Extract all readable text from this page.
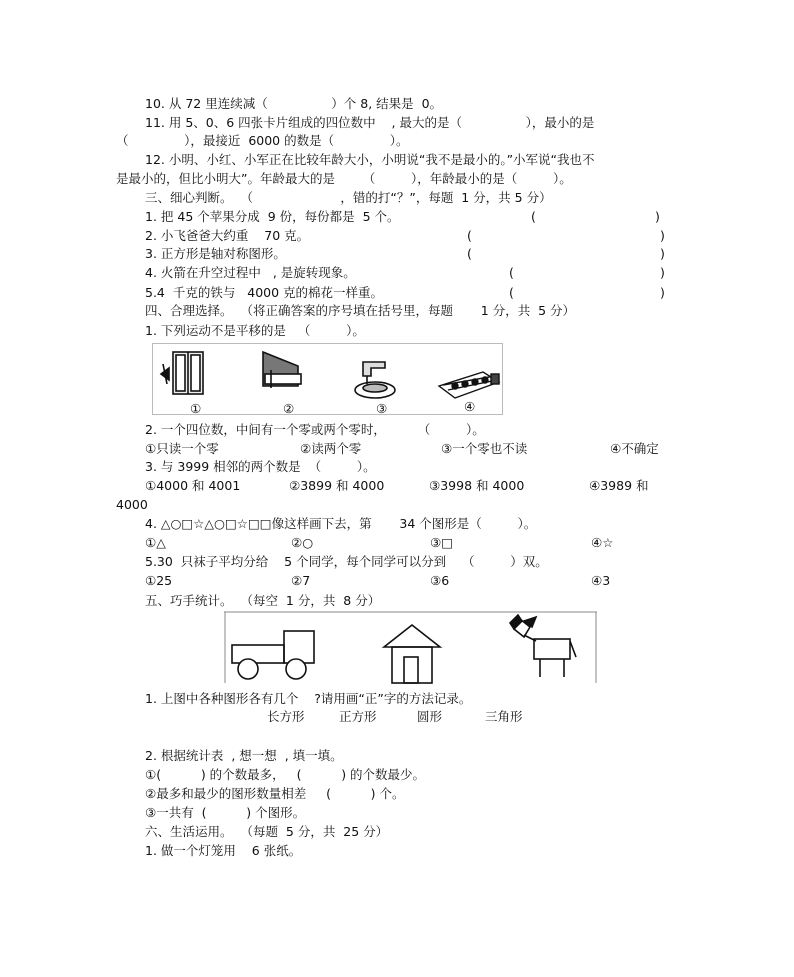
10. 从 72 里连续减（                ）个 8, 结果是  0。
11. 用 5、0、6 四张卡片组成的四位数中    , 最大的是（                ），最小的是
（              ），最接近  6000 的数是（              ）。
12. 小明、小红、小军正在比较年龄大小，小明说“我不是最小的。”小军说“我也不
是最小的，但比小明大”。年龄最大的是       （         ），年龄最小的是（         ）。
三、细心判断。  （                      ，错的打“？”，每题  1 分，共 5 分）
1. 把 45 个苹果分成  9 份，每份都是  5 个。	(	)
2. 小飞爸爸大约重    70 克。	(	)
3. 正方形是轴对称图形。	(	)
4. 火箭在升空过程中   , 是旋转现象。	(	)
5.4  千克的铁与   4000 克的棉花一样重。	(	)
四、合理选择。  （将正确答案的序号填在括号里，每题       1 分，共  5 分）
1. 下列运动不是平移的是   （         ）。
①	②	③	④
2. 一个四位数，中间有一个零或两个零时，        （         ）。
①只读一个零	②读两个零	③一个零也不读	④不确定
3. 与 3999 相邻的两个数是  （         ）。
①4000 和 4001	②3899 和 4000	③3998 和 4000	④3989 和
4000
4. △○□☆△○□☆□□像这样画下去，第       34 个图形是（         ）。
①△	②○	③□	④☆
5.30  只袜子平均分给    5 个同学，每个同学可以分到    （         ）双。
①25	②7	③6	④3
五、巧手统计。  （每空  1 分，共  8 分）
1. 上图中各种图形各有几个    ?请用画“正”字的方法记录。
长方形	正方形	圆形	三角形
2. 根据统计表  , 想一想  , 填一填。
①(          ) 的个数最多，   (          ) 的个数最少。
②最多和最少的图形数量相差     (          ) 个。
③一共有  (          ) 个图形。
六、生活运用。  （每题  5 分，共  25 分）
1. 做一个灯笼用    6 张纸。
